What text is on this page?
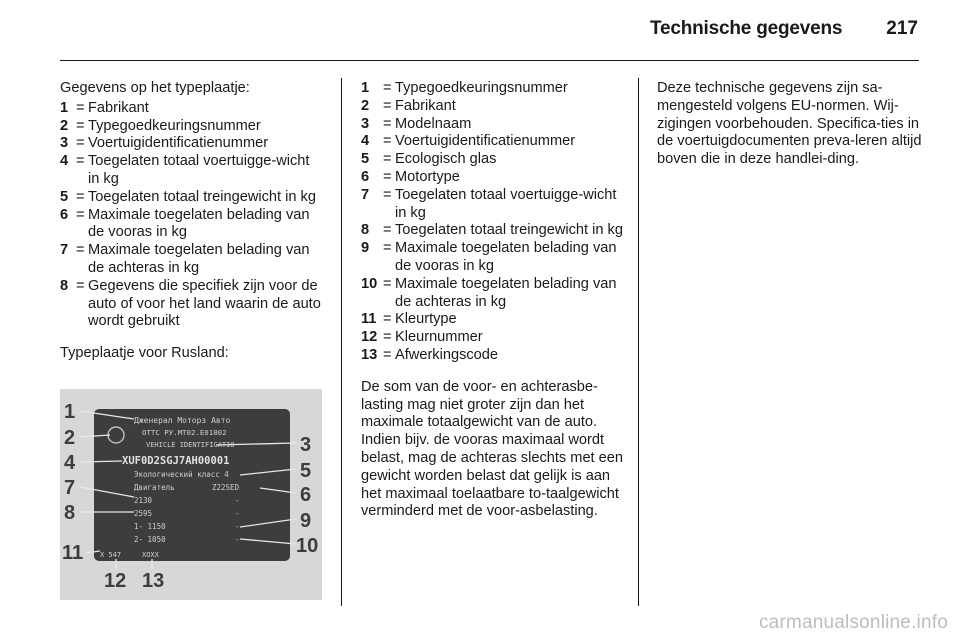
Technische gegevens	217

Gegevens op het typeplaatje:

1 = Fabrikant
2 = Typegoedkeuringsnummer
3 = Voertuigidentificatienummer
4 = Toegelaten totaal voertuigge-wicht in kg
5 = Toegelaten totaal treingewicht in kg
6 = Maximale toegelaten belading van de vooras in kg
7 = Maximale toegelaten belading van de achteras in kg
8 = Gegevens die specifiek zijn voor de auto of voor het land waarin de auto wordt gebruikt

Typeplaatje voor Rusland:

Дженерал Моторз Авто
ОТТС РУ.МТ02.Е01802
VEHICLE IDENTIFICATIO
XUF0D2SGJ7AH00001
Экологический класс 4
Двигатель	Z22SED
2130
2595
1- 1150
2- 1050
X 547	XOXX
-
-
-
-
1
2	3
4	5
7	6
8	9
10
11
12 13
1 = Typegoedkeuringsnummer
2 = Fabrikant
3 = Modelnaam
4 = Voertuigidentificatienummer
5 = Ecologisch glas
6 = Motortype
7 = Toegelaten totaal voertuigge-wicht in kg
8 = Toegelaten totaal treingewicht in kg
9 = Maximale toegelaten belading van de vooras in kg
10 = Maximale toegelaten belading van de achteras in kg
11 = Kleurtype
12 = Kleurnummer
13 = Afwerkingscode

De som van de voor- en achterasbe-lasting mag niet groter zijn dan het maximale totaalgewicht van de auto. Indien bijv. de vooras maximaal wordt belast, mag de achteras slechts met een gewicht worden belast dat gelijk is aan het maximaal toelaatbare to-taalgewicht verminderd met de voor-asbelasting.

Deze technische gegevens zijn sa-mengesteld volgens EU-normen. Wij-zigingen voorbehouden. Specifica-ties in de voertuigdocumenten preva-leren altijd boven die in deze handlei-ding.

carmanualsonline.info
